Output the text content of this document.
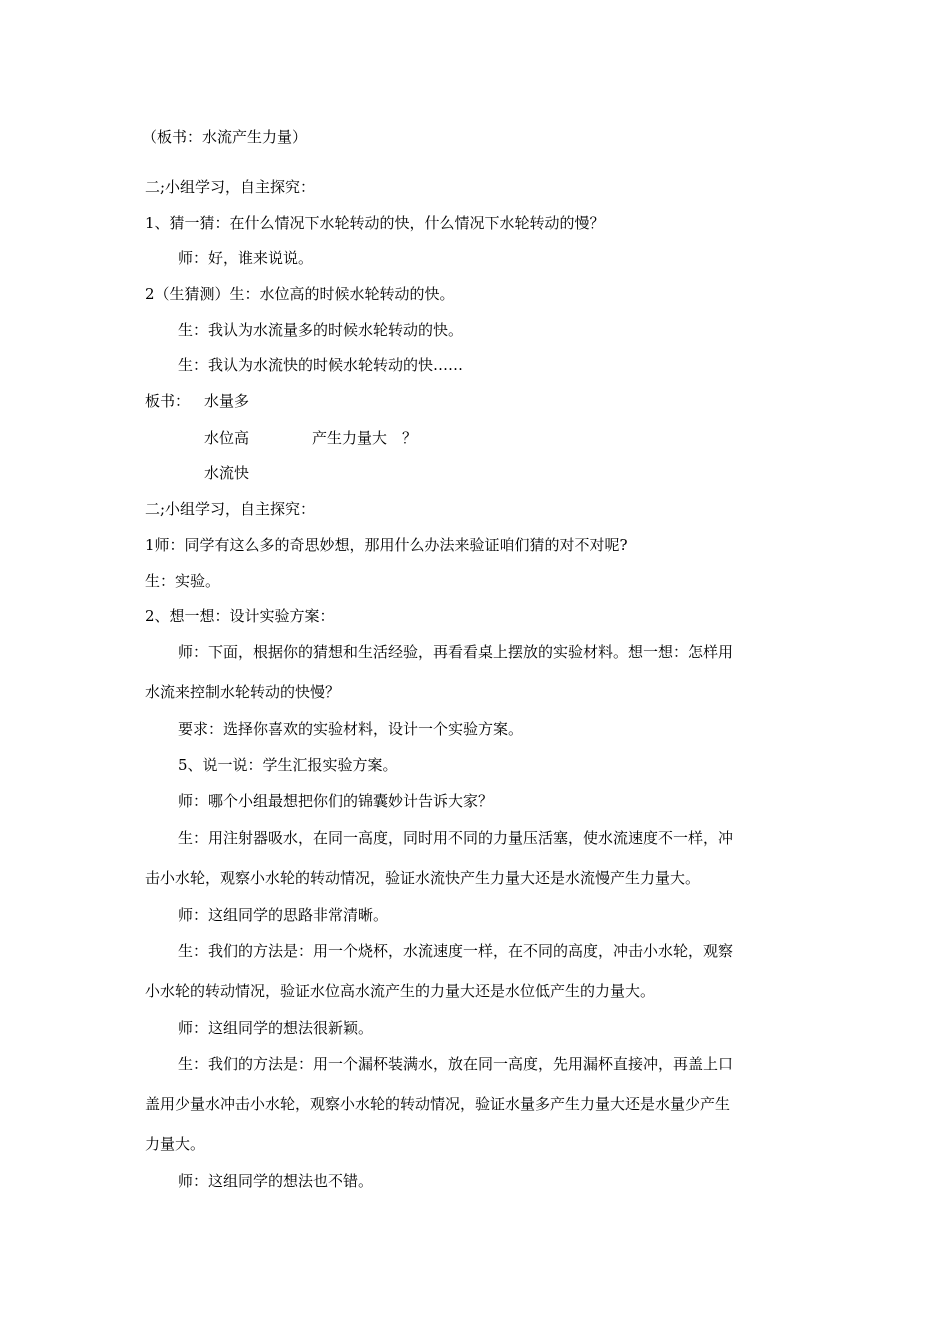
（板书：水流产生力量）
二;小组学习，自主探究：
1、猜一猜：在什么情况下水轮转动的快，什么情况下水轮转动的慢？
师：好，谁来说说。
2（生猜测）生：水位高的时候水轮转动的快。
生：我认为水流量多的时候水轮转动的快。
生：我认为水流快的时候水轮转动的快……
板书： 水量多
水位高	产生力量大 ？
水流快
二;小组学习，自主探究：
1师：同学有这么多的奇思妙想，那用什么办法来验证咱们猜的对不对呢?
生：实验。
2、想一想：设计实验方案：
师：下面，根据你的猜想和生活经验，再看看桌上摆放的实验材料。想一想：怎样用
水流来控制水轮转动的快慢？
要求：选择你喜欢的实验材料，设计一个实验方案。
5、说一说：学生汇报实验方案。
师：哪个小组最想把你们的锦囊妙计告诉大家？
生：用注射器吸水，在同一高度，同时用不同的力量压活塞，使水流速度不一样，冲
击小水轮，观察小水轮的转动情况，验证水流快产生力量大还是水流慢产生力量大。
师：这组同学的思路非常清晰。
生：我们的方法是：用一个烧杯，水流速度一样，在不同的高度，冲击小水轮，观察
小水轮的转动情况，验证水位高水流产生的力量大还是水位低产生的力量大。
师：这组同学的想法很新颖。
生：我们的方法是：用一个漏杯装满水，放在同一高度，先用漏杯直接冲，再盖上口
盖用少量水冲击小水轮，观察小水轮的转动情况，验证水量多产生力量大还是水量少产生
力量大。
师：这组同学的想法也不错。
